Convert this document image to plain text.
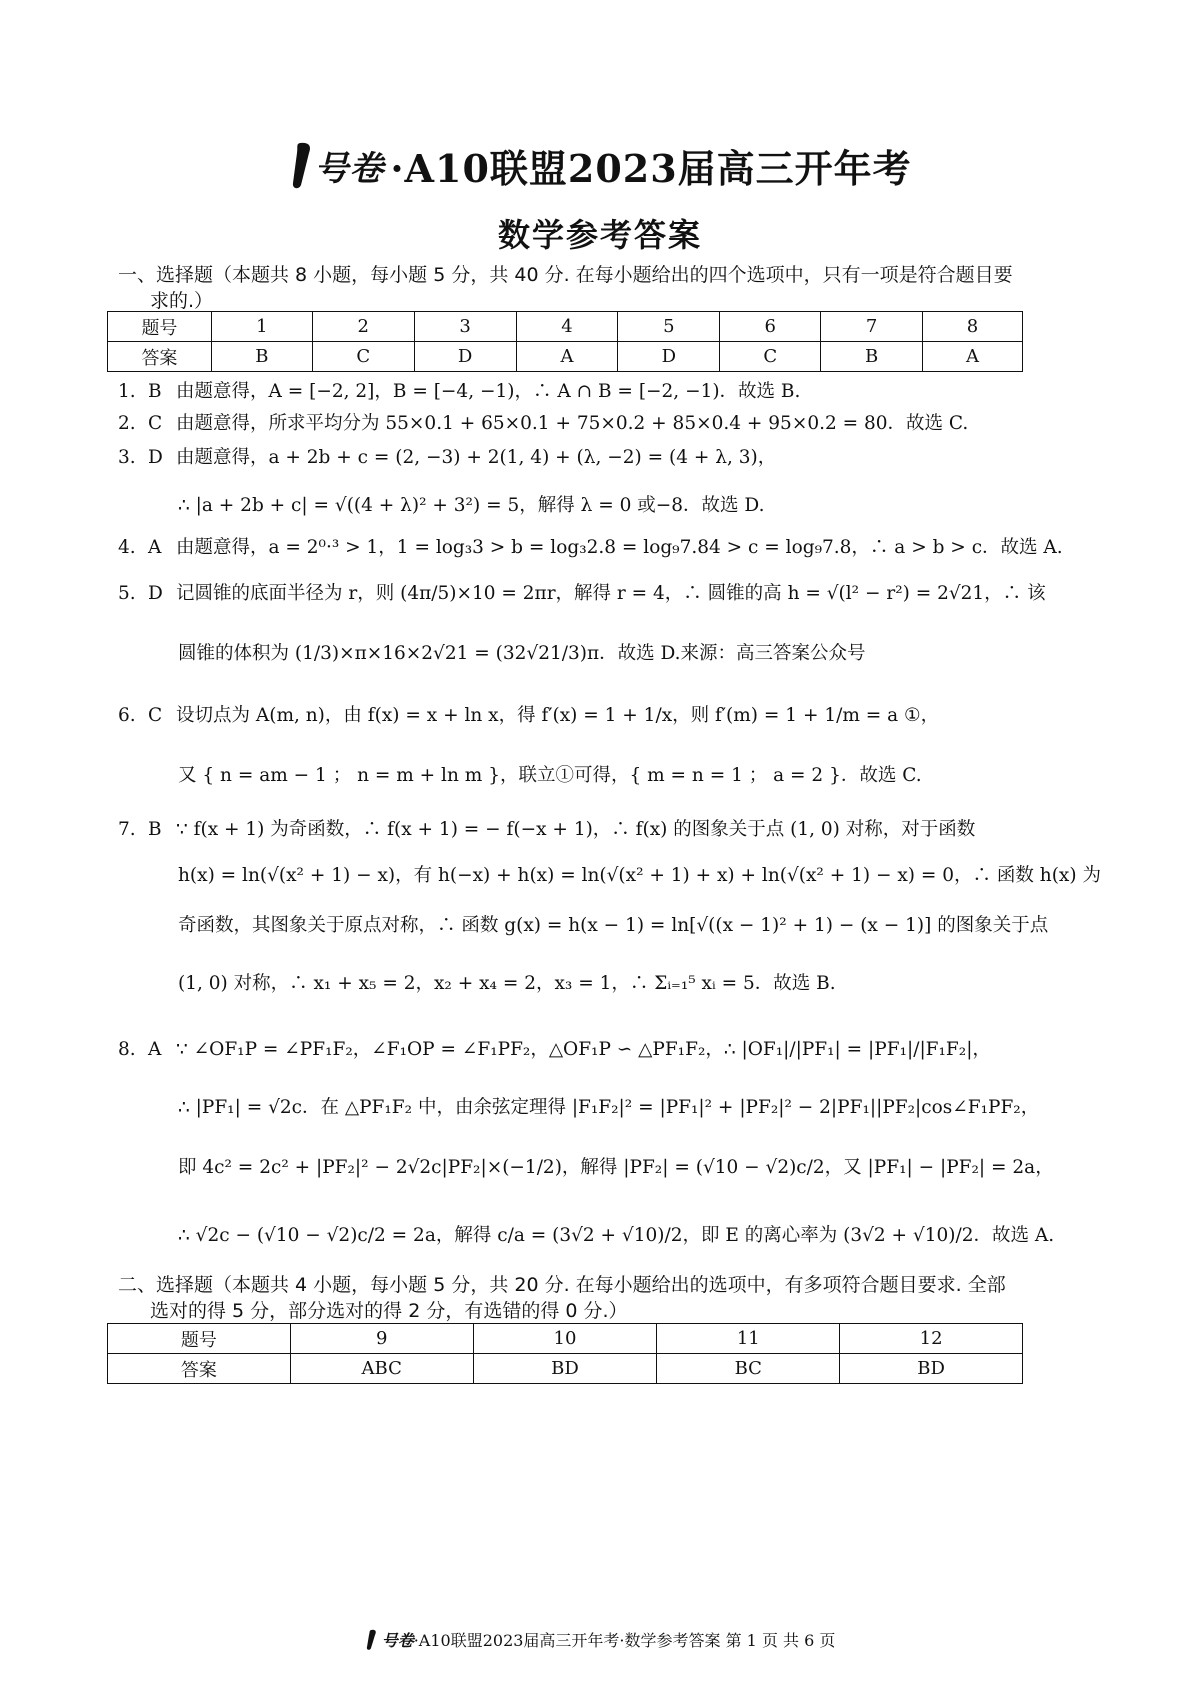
号卷 ·A10联盟2023届高三开年考
数学参考答案
一、选择题（本题共 8 小题，每小题 5 分，共 40 分. 在每小题给出的四个选项中，只有一项是符合题目要
求的.）
题号	1	2	3	4	5	6	7	8
答案	B	C	D	A	D	C	B	A
1. B 由题意得，A = [−2, 2]，B = [−4, −1)，∴ A ∩ B = [−2, −1)．故选 B.
2. C 由题意得，所求平均分为 55×0.1 + 65×0.1 + 75×0.2 + 85×0.4 + 95×0.2 = 80．故选 C.
3. D 由题意得，a + 2b + c = (2, −3) + 2(1, 4) + (λ, −2) = (4 + λ, 3)，
∴ |a + 2b + c| = √((4 + λ)² + 3²) = 5，解得 λ = 0 或−8．故选 D.
4. A 由题意得，a = 2⁰·³ > 1，1 = log₃3 > b = log₃2.8 = log₉7.84 > c = log₉7.8，∴ a > b > c．故选 A.
5. D 记圆锥的底面半径为 r，则 (4π/5)×10 = 2πr，解得 r = 4，∴ 圆锥的高 h = √(l² − r²) = 2√21，∴ 该
圆锥的体积为 (1/3)×π×16×2√21 = (32√21/3)π．故选 D.来源：高三答案公众号
6. C 设切点为 A(m, n)，由 f(x) = x + ln x，得 f′(x) = 1 + 1/x，则 f′(m) = 1 + 1/m = a ①，
又 { n = am − 1 ； n = m + ln m }，联立①可得，{ m = n = 1 ； a = 2 }．故选 C.
7. B ∵ f(x + 1) 为奇函数，∴ f(x + 1) = − f(−x + 1)，∴ f(x) 的图象关于点 (1, 0) 对称，对于函数
h(x) = ln(√(x² + 1) − x)，有 h(−x) + h(x) = ln(√(x² + 1) + x) + ln(√(x² + 1) − x) = 0，∴ 函数 h(x) 为
奇函数，其图象关于原点对称，∴ 函数 g(x) = h(x − 1) = ln[√((x − 1)² + 1) − (x − 1)] 的图象关于点
(1, 0) 对称，∴ x₁ + x₅ = 2，x₂ + x₄ = 2，x₃ = 1，∴ Σᵢ₌₁⁵ xᵢ = 5．故选 B.
8. A ∵ ∠OF₁P = ∠PF₁F₂，∠F₁OP = ∠F₁PF₂，△OF₁P ∽ △PF₁F₂，∴ |OF₁|/|PF₁| = |PF₁|/|F₁F₂|，
∴ |PF₁| = √2c．在 △PF₁F₂ 中，由余弦定理得 |F₁F₂|² = |PF₁|² + |PF₂|² − 2|PF₁||PF₂|cos∠F₁PF₂，
即 4c² = 2c² + |PF₂|² − 2√2c|PF₂|×(−1/2)，解得 |PF₂| = (√10 − √2)c/2，又 |PF₁| − |PF₂| = 2a，
∴ √2c − (√10 − √2)c/2 = 2a，解得 c/a = (3√2 + √10)/2，即 E 的离心率为 (3√2 + √10)/2．故选 A.
二、选择题（本题共 4 小题，每小题 5 分，共 20 分. 在每小题给出的选项中，有多项符合题目要求. 全部
选对的得 5 分，部分选对的得 2 分，有选错的得 0 分.）
题号	9	10	11	12
答案	ABC	BD	BC	BD
号卷·A10联盟2023届高三开年考·数学参考答案 第 1 页 共 6 页
